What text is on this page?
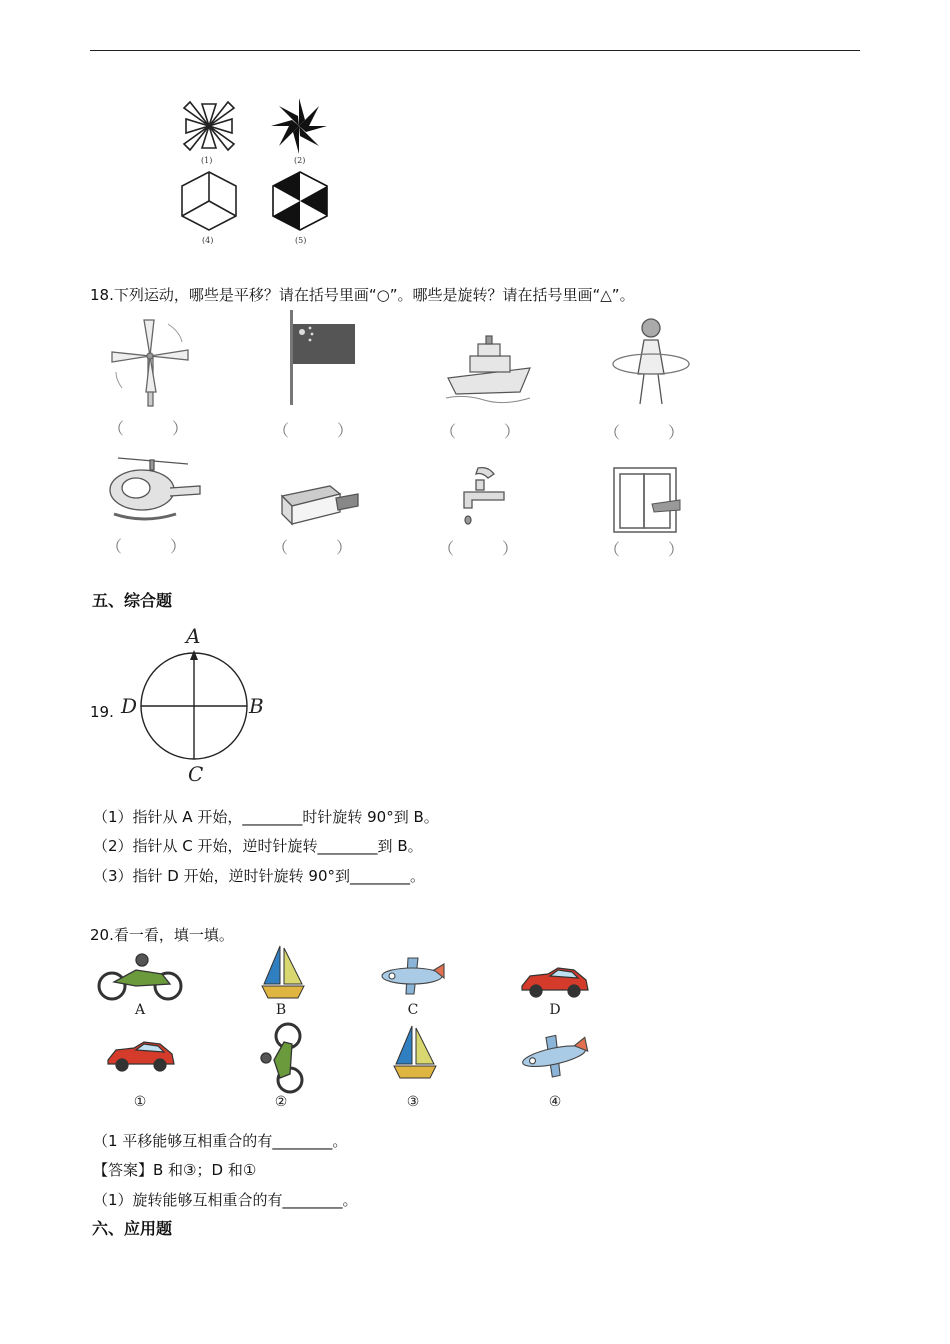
(1)	(2)
(4)	(5)
18.下列运动，哪些是平移？请在括号里画“○”。哪些是旋转？请在括号里画“△”。
（　　　）	（　　　）	（　　　）	（　　　）
（　　　）	（　　　）	（　　　）	（　　　）
五、综合题
19.
A
B
C
D
（1）指针从 A 开始，________时针旋转 90°到 B。
（2）指针从 C 开始，逆时针旋转________到 B。
（3）指针 D 开始，逆时针旋转 90°到________。
20.看一看，填一填。
A	B	C	D
①	②	③	④
（1 平移能够互相重合的有________。
【答案】B 和③；D 和①
（1）旋转能够互相重合的有________。
六、应用题
